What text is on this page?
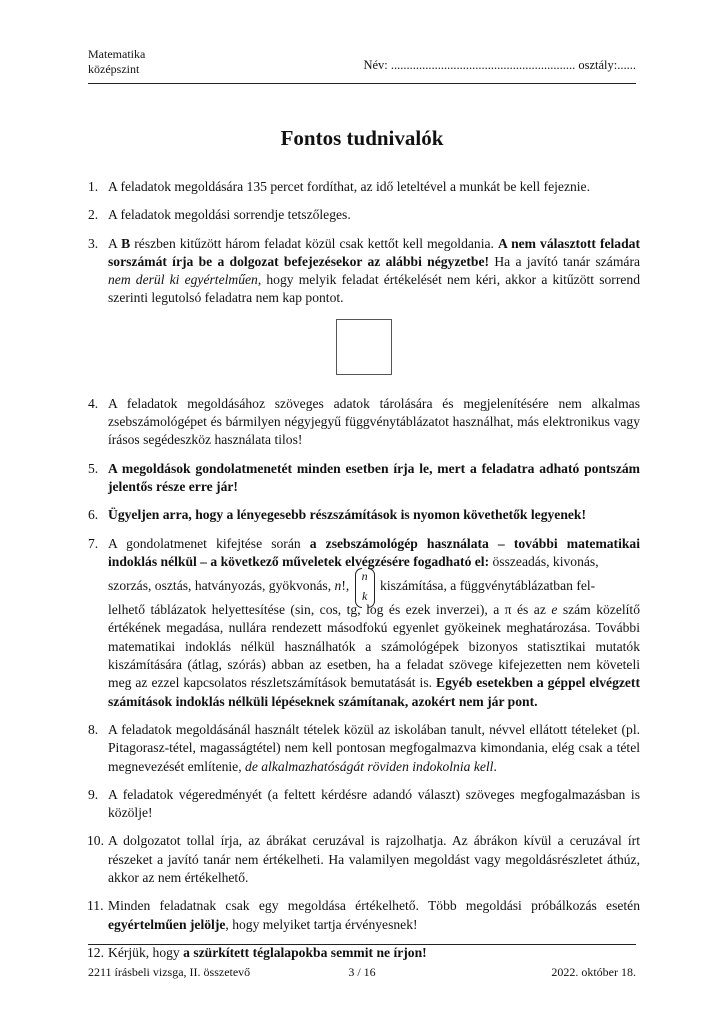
Matematika
középszint	Név: ........................................................... osztály:......
Fontos tudnivalók
1. A feladatok megoldására 135 percet fordíthat, az idő leteltével a munkát be kell fejeznie.
2. A feladatok megoldási sorrendje tetszőleges.
3. A B részben kitűzött három feladat közül csak kettőt kell megoldania. A nem választott feladat sorszámát írja be a dolgozat befejezésekor az alábbi négyzetbe! Ha a javító tanár számára nem derül ki egyértelműen, hogy melyik feladat értékelését nem kéri, akkor a kitűzött sorrend szerinti legutolsó feladatra nem kap pontot.
4. A feladatok megoldásához szöveges adatok tárolására és megjelenítésére nem alkalmas zsebszámológépet és bármilyen négyjegyű függvénytáblázatot használhat, más elektronikus vagy írásos segédeszköz használata tilos!
5. A megoldások gondolatmenetét minden esetben írja le, mert a feladatra adható pontszám jelentős része erre jár!
6. Ügyeljen arra, hogy a lényegesebb részszámítások is nyomon követhetők legyenek!
7. A gondolatmenet kifejtése során a zsebszámológép használata – további matematikai indoklás nélkül – a következő műveletek elvégzésére fogadható el: összeadás, kivonás,
szorzás, osztás, hatványozás, gyökvonás, n!,
n
k
kiszámítása, a függvénytáblázatban fel-
lelhető táblázatok helyettesítése (sin, cos, tg, log és ezek inverzei), a π és az e szám közelítő értékének megadása, nullára rendezett másodfokú egyenlet gyökeinek meghatározása. További matematikai indoklás nélkül használhatók a számológépek bizonyos statisztikai mutatók kiszámítására (átlag, szórás) abban az esetben, ha a feladat szövege kifejezetten nem követeli meg az ezzel kapcsolatos részletszámítások bemutatását is. Egyéb esetekben a géppel elvégzett számítások indoklás nélküli lépéseknek számítanak, azokért nem jár pont.
8. A feladatok megoldásánál használt tételek közül az iskolában tanult, névvel ellátott tételeket (pl. Pitagorasz-tétel, magasságtétel) nem kell pontosan megfogalmazva kimondania, elég csak a tétel megnevezését említenie, de alkalmazhatóságát röviden indokolnia kell.
9. A feladatok végeredményét (a feltett kérdésre adandó választ) szöveges megfogalmazásban is közölje!
10. A dolgozatot tollal írja, az ábrákat ceruzával is rajzolhatja. Az ábrákon kívül a ceruzával írt részeket a javító tanár nem értékelheti. Ha valamilyen megoldást vagy megoldásrészletet áthúz, akkor az nem értékelhető.
11. Minden feladatnak csak egy megoldása értékelhető. Több megoldási próbálkozás esetén egyértelműen jelölje, hogy melyiket tartja érvényesnek!
12. Kérjük, hogy a szürkített téglalapokba semmit ne írjon!
2211 írásbeli vizsga, II. összetevő	3 / 16	2022. október 18.
